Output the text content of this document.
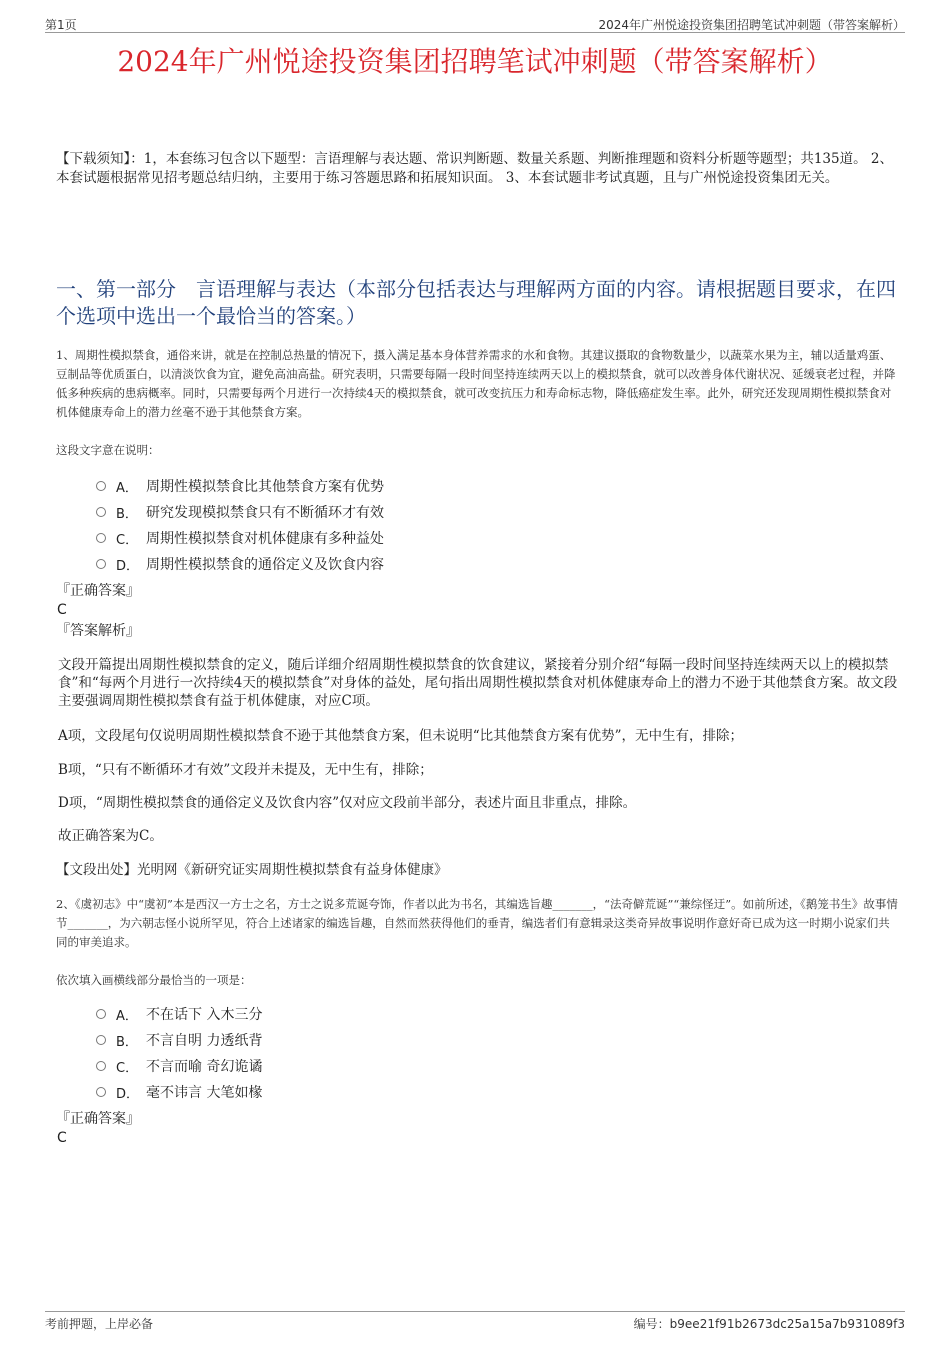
第1页	2024年广州悦途投资集团招聘笔试冲刺题（带答案解析）
2024年广州悦途投资集团招聘笔试冲刺题（带答案解析）
【下载须知】：1，本套练习包含以下题型：言语理解与表达题、常识判断题、数量关系题、判断推理题和资料分析题等题型；共135道。 2、本套试题根据常见招考题总结归纳，主要用于练习答题思路和拓展知识面。 3、本套试题非考试真题，且与广州悦途投资集团无关。
一、第一部分　言语理解与表达（本部分包括表达与理解两方面的内容。请根据题目要求，在四个选项中选出一个最恰当的答案。）
1、周期性模拟禁食，通俗来讲，就是在控制总热量的情况下，摄入满足基本身体营养需求的水和食物。其建议摄取的食物数量少，以蔬菜水果为主，辅以适量鸡蛋、豆制品等优质蛋白，以清淡饮食为宜，避免高油高盐。研究表明，只需要每隔一段时间坚持连续两天以上的模拟禁食，就可以改善身体代谢状况、延缓衰老过程，并降低多种疾病的患病概率。同时，只需要每两个月进行一次持续4天的模拟禁食，就可改变抗压力和寿命标志物，降低癌症发生率。此外，研究还发现周期性模拟禁食对机体健康寿命上的潜力丝毫不逊于其他禁食方案。
这段文字意在说明：
A． 周期性模拟禁食比其他禁食方案有优势
B． 研究发现模拟禁食只有不断循环才有效
C． 周期性模拟禁食对机体健康有多种益处
D． 周期性模拟禁食的通俗定义及饮食内容
『正确答案』
C
『答案解析』
文段开篇提出周期性模拟禁食的定义，随后详细介绍周期性模拟禁食的饮食建议，紧接着分别介绍“每隔一段时间坚持连续两天以上的模拟禁食”和“每两个月进行一次持续4天的模拟禁食”对身体的益处，尾句指出周期性模拟禁食对机体健康寿命上的潜力不逊于其他禁食方案。故文段主要强调周期性模拟禁食有益于机体健康，对应C项。
A项，文段尾句仅说明周期性模拟禁食不逊于其他禁食方案，但未说明“比其他禁食方案有优势”，无中生有，排除；
B项，“只有不断循环才有效”文段并未提及，无中生有，排除；
D项，“周期性模拟禁食的通俗定义及饮食内容”仅对应文段前半部分，表述片面且非重点，排除。
故正确答案为C。
【文段出处】光明网《新研究证实周期性模拟禁食有益身体健康》
2、《虞初志》中“虞初”本是西汉一方士之名，方士之说多荒诞夸饰，作者以此为书名，其编选旨趣_______，“法奇僻荒诞”“兼综怪迂”。如前所述，《鹅笼书生》故事情节_______，为六朝志怪小说所罕见，符合上述诸家的编选旨趣，自然而然获得他们的垂青，编选者们有意辑录这类奇异故事说明作意好奇已成为这一时期小说家们共同的审美追求。
依次填入画横线部分最恰当的一项是：
A． 不在话下 入木三分
B． 不言自明 力透纸背
C． 不言而喻 奇幻诡谲
D． 毫不讳言 大笔如椽
『正确答案』
C
考前押题，上岸必备	编号：b9ee21f91b2673dc25a15a7b931089f3
